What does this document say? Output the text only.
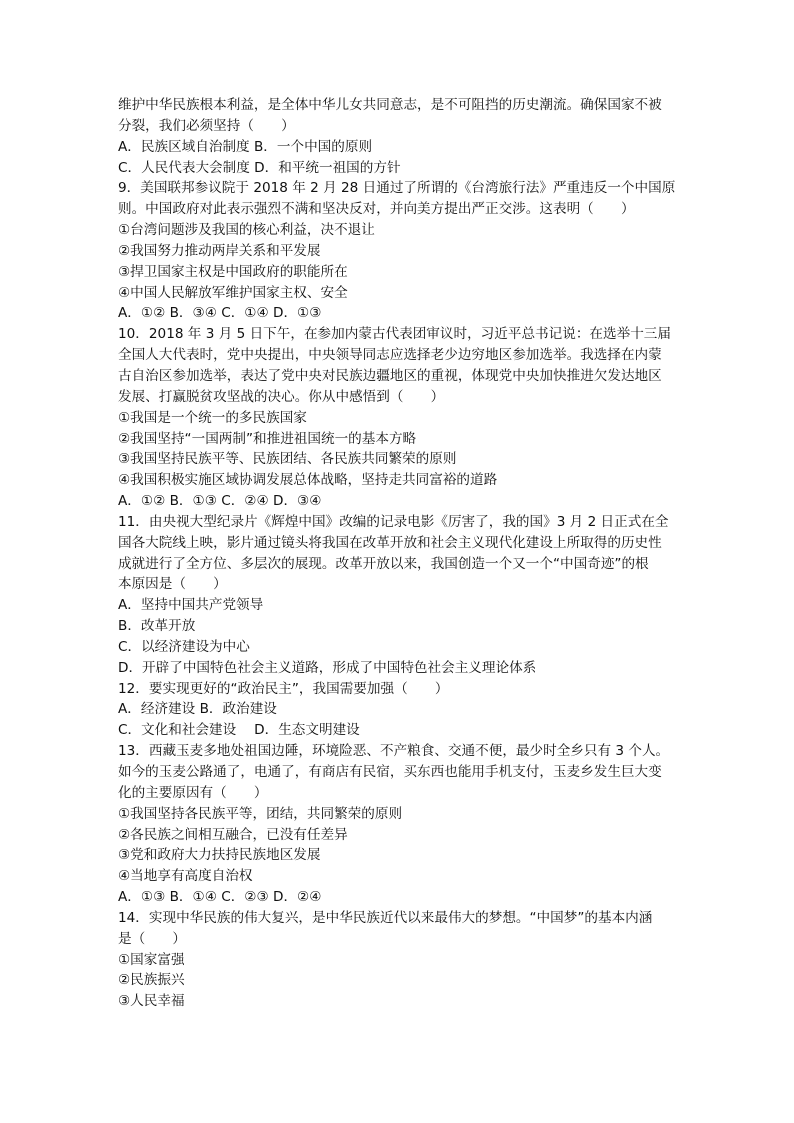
维护中华民族根本利益，是全体中华儿女共同意志，是不可阻挡的历史潮流。确保国家不被
分裂，我们必须坚持（　　）
A．民族区域自治制度 B．一个中国的原则
C．人民代表大会制度 D．和平统一祖国的方针
9．美国联邦参议院于 2018 年 2 月 28 日通过了所谓的《台湾旅行法》严重违反一个中国原
则。中国政府对此表示强烈不满和坚决反对，并向美方提出严正交涉。这表明（　　）
①台湾问题涉及我国的核心利益，决不退让
②我国努力推动两岸关系和平发展
③捍卫国家主权是中国政府的职能所在
④中国人民解放军维护国家主权、安全
A．①② B．③④ C．①④ D．①③
10．2018 年 3 月 5 日下午，在参加内蒙古代表团审议时，习近平总书记说：在选举十三届
全国人大代表时，党中央提出，中央领导同志应选择老少边穷地区参加选举。我选择在内蒙
古自治区参加选举，表达了党中央对民族边疆地区的重视，体现党中央加快推进欠发达地区
发展、打赢脱贫攻坚战的决心。你从中感悟到（　　）
①我国是一个统一的多民族国家
②我国坚持“一国两制”和推进祖国统一的基本方略
③我国坚持民族平等、民族团结、各民族共同繁荣的原则
④我国积极实施区域协调发展总体战略，坚持走共同富裕的道路
A．①② B．①③ C．②④ D．③④
11．由央视大型纪录片《辉煌中国》改编的记录电影《厉害了，我的国》3 月 2 日正式在全
国各大院线上映，影片通过镜头将我国在改革开放和社会主义现代化建设上所取得的历史性
成就进行了全方位、多层次的展现。改革开放以来，我国创造一个又一个“中国奇迹”的根
本原因是（　　）
A．坚持中国共产党领导
B．改革开放
C．以经济建设为中心
D．开辟了中国特色社会主义道路，形成了中国特色社会主义理论体系
12．要实现更好的“政治民主”，我国需要加强（　　）
A．经济建设 B．政治建设
C．文化和社会建设　 D．生态文明建设
13．西藏玉麦多地处祖国边陲，环境险恶、不产粮食、交通不便，最少时全乡只有 3 个人。
如今的玉麦公路通了，电通了，有商店有民宿，买东西也能用手机支付，玉麦乡发生巨大变
化的主要原因有（　　）
①我国坚持各民族平等，团结，共同繁荣的原则
②各民族之间相互融合，已没有任差异
③党和政府大力扶持民族地区发展
④当地享有高度自治权
A．①③ B．①④ C．②③ D．②④
14．实现中华民族的伟大复兴，是中华民族近代以来最伟大的梦想。“中国梦”的基本内涵
是（　　）
①国家富强
②民族振兴
③人民幸福
